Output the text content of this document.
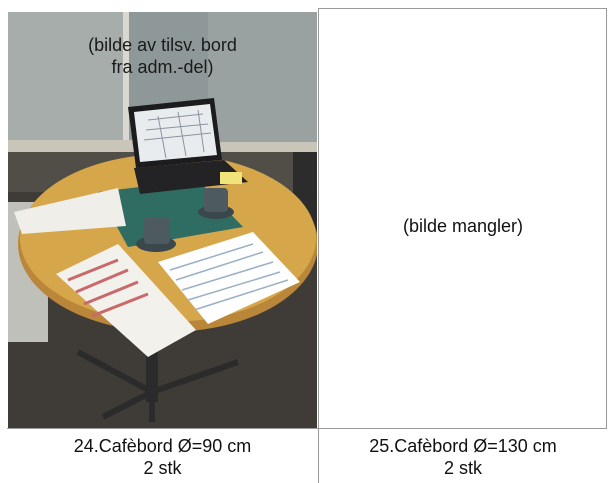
(bilde av tilsv. bord
fra adm.-del)
(bilde mangler)
24.Cafèbord Ø=90 cm
2 stk
25.Cafèbord Ø=130 cm
2 stk
